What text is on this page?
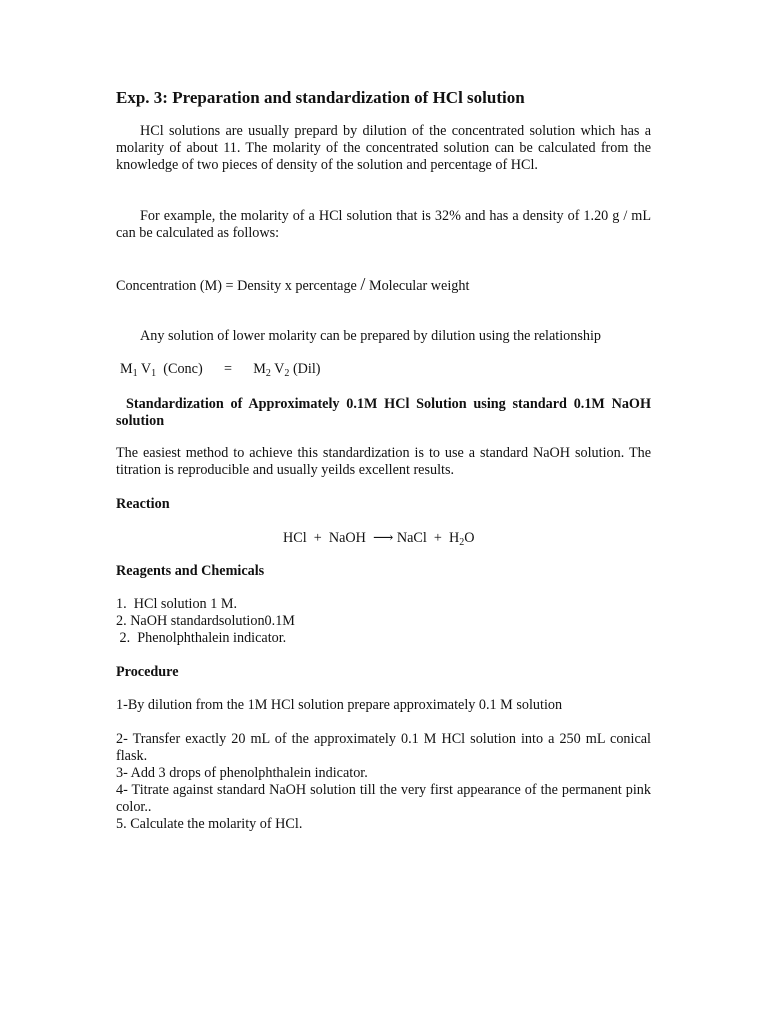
Exp. 3: Preparation and standardization of HCl solution

HCl solutions are usually prepard by dilution of the concentrated solution which has a molarity of about 11. The molarity of the concentrated solution can be calculated from the knowledge of two pieces of density of the solution and percentage of HCl.

For example, the molarity of a HCl solution that is 32% and has a density of 1.20 g / mL can be calculated as follows:

Concentration (M) = Density x percentage / Molecular weight

Any solution of lower molarity can be prepared by dilution using the relationship

$M_1$ $V_1$  (Conc)      =      $M_2$ $V_2$ (Dil)

Standardization of Approximately 0.1M HCl Solution using standard 0.1M NaOH solution

The easiest method to achieve this standardization is to use a standard NaOH solution. The titration is reproducible and usually yeilds excellent results.

Reaction

HCl  +  NaOH  ⟶ NaCl  +  $H_2O$

Reagents and Chemicals

1.  HCl solution 1 M.
2. NaOH standardsolution0.1M
2.  Phenolphthalein indicator.

Procedure

1-By dilution from the 1M HCl solution prepare approximately 0.1 M solution

2- Transfer exactly 20 mL of the approximately 0.1 M HCl solution into a 250 mL conical flask.

3- Add 3 drops of phenolphthalein indicator.

4- Titrate against standard NaOH solution till the very first appearance of the permanent pink color..

5. Calculate the molarity of HCl.
